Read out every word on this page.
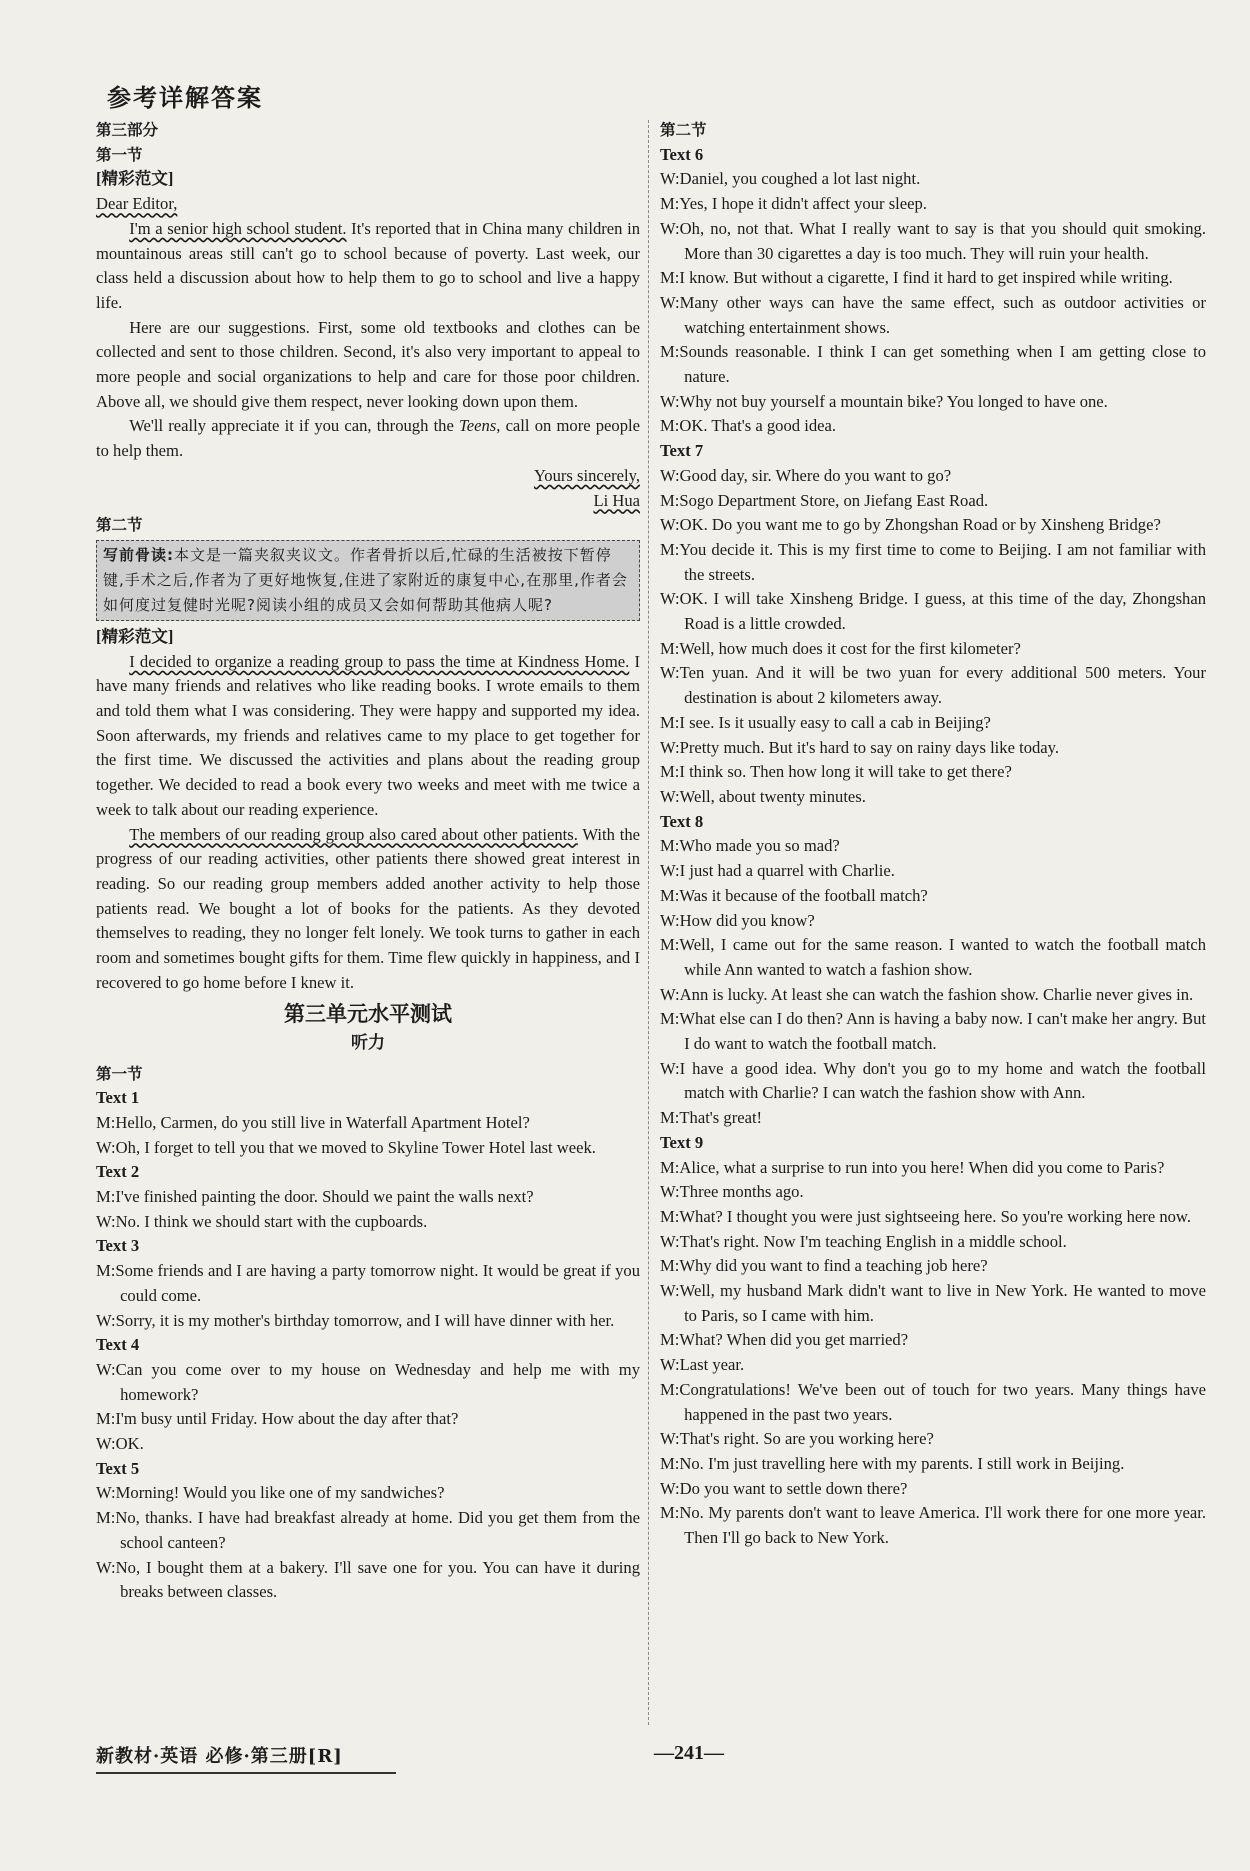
参考详解答案
第三部分
第一节
[精彩范文]
Dear Editor,

I'm a senior high school student. It's reported that in China many children in mountainous areas still can't go to school because of poverty. Last week, our class held a discussion about how to help them to go to school and live a happy life.

Here are our suggestions. First, some old textbooks and clothes can be collected and sent to those children. Second, it's also very important to appeal to more people and social organizations to help and care for those poor children. Above all, we should give them respect, never looking down upon them.

We'll really appreciate it if you can, through the Teens, call on more people to help them.

Yours sincerely,

Li Hua

第二节
写前骨读:本文是一篇夹叙夹议文。作者骨折以后,忙碌的生活被按下暂停键,手术之后,作者为了更好地恢复,住进了家附近的康复中心,在那里,作者会如何度过复健时光呢?阅读小组的成员又会如何帮助其他病人呢?
[精彩范文]

I decided to organize a reading group to pass the time at Kindness Home. I have many friends and relatives who like reading books. I wrote emails to them and told them what I was considering. They were happy and supported my idea. Soon afterwards, my friends and relatives came to my place to get together for the first time. We discussed the activities and plans about the reading group together. We decided to read a book every two weeks and meet with me twice a week to talk about our reading experience.

The members of our reading group also cared about other patients. With the progress of our reading activities, other patients there showed great interest in reading. So our reading group members added another activity to help those patients read. We bought a lot of books for the patients. As they devoted themselves to reading, they no longer felt lonely. We took turns to gather in each room and sometimes bought gifts for them. Time flew quickly in happiness, and I recovered to go home before I knew it.

第三单元水平测试
听力
第一节
Text 1

M:Hello, Carmen, do you still live in Waterfall Apartment Hotel?

W:Oh, I forget to tell you that we moved to Skyline Tower Hotel last week.

Text 2

M:I've finished painting the door. Should we paint the walls next?

W:No. I think we should start with the cupboards.

Text 3

M:Some friends and I are having a party tomorrow night. It would be great if you could come.

W:Sorry, it is my mother's birthday tomorrow, and I will have dinner with her.

Text 4

W:Can you come over to my house on Wednesday and help me with my homework?

M:I'm busy until Friday. How about the day after that?

W:OK.

Text 5

W:Morning! Would you like one of my sandwiches?

M:No, thanks. I have had breakfast already at home. Did you get them from the school canteen?

W:No, I bought them at a bakery. I'll save one for you. You can have it during breaks between classes.

第二节
Text 6

W:Daniel, you coughed a lot last night.

M:Yes, I hope it didn't affect your sleep.

W:Oh, no, not that. What I really want to say is that you should quit smoking. More than 30 cigarettes a day is too much. They will ruin your health.

M:I know. But without a cigarette, I find it hard to get inspired while writing.

W:Many other ways can have the same effect, such as outdoor activities or watching entertainment shows.

M:Sounds reasonable. I think I can get something when I am getting close to nature.

W:Why not buy yourself a mountain bike? You longed to have one.

M:OK. That's a good idea.

Text 7

W:Good day, sir. Where do you want to go?

M:Sogo Department Store, on Jiefang East Road.

W:OK. Do you want me to go by Zhongshan Road or by Xinsheng Bridge?

M:You decide it. This is my first time to come to Beijing. I am not familiar with the streets.

W:OK. I will take Xinsheng Bridge. I guess, at this time of the day, Zhongshan Road is a little crowded.

M:Well, how much does it cost for the first kilometer?

W:Ten yuan. And it will be two yuan for every additional 500 meters. Your destination is about 2 kilometers away.

M:I see. Is it usually easy to call a cab in Beijing?

W:Pretty much. But it's hard to say on rainy days like today.

M:I think so. Then how long it will take to get there?

W:Well, about twenty minutes.

Text 8

M:Who made you so mad?

W:I just had a quarrel with Charlie.

M:Was it because of the football match?

W:How did you know?

M:Well, I came out for the same reason. I wanted to watch the football match while Ann wanted to watch a fashion show.

W:Ann is lucky. At least she can watch the fashion show. Charlie never gives in.

M:What else can I do then? Ann is having a baby now. I can't make her angry. But I do want to watch the football match.

W:I have a good idea. Why don't you go to my home and watch the football match with Charlie? I can watch the fashion show with Ann.

M:That's great!

Text 9

M:Alice, what a surprise to run into you here! When did you come to Paris?

W:Three months ago.

M:What? I thought you were just sightseeing here. So you're working here now.

W:That's right. Now I'm teaching English in a middle school.

M:Why did you want to find a teaching job here?

W:Well, my husband Mark didn't want to live in New York. He wanted to move to Paris, so I came with him.

M:What? When did you get married?

W:Last year.

M:Congratulations! We've been out of touch for two years. Many things have happened in the past two years.

W:That's right. So are you working here?

M:No. I'm just travelling here with my parents. I still work in Beijing.

W:Do you want to settle down there?

M:No. My parents don't want to leave America. I'll work there for one more year. Then I'll go back to New York.

新教材·英语 必修·第三册[R]	—241—
